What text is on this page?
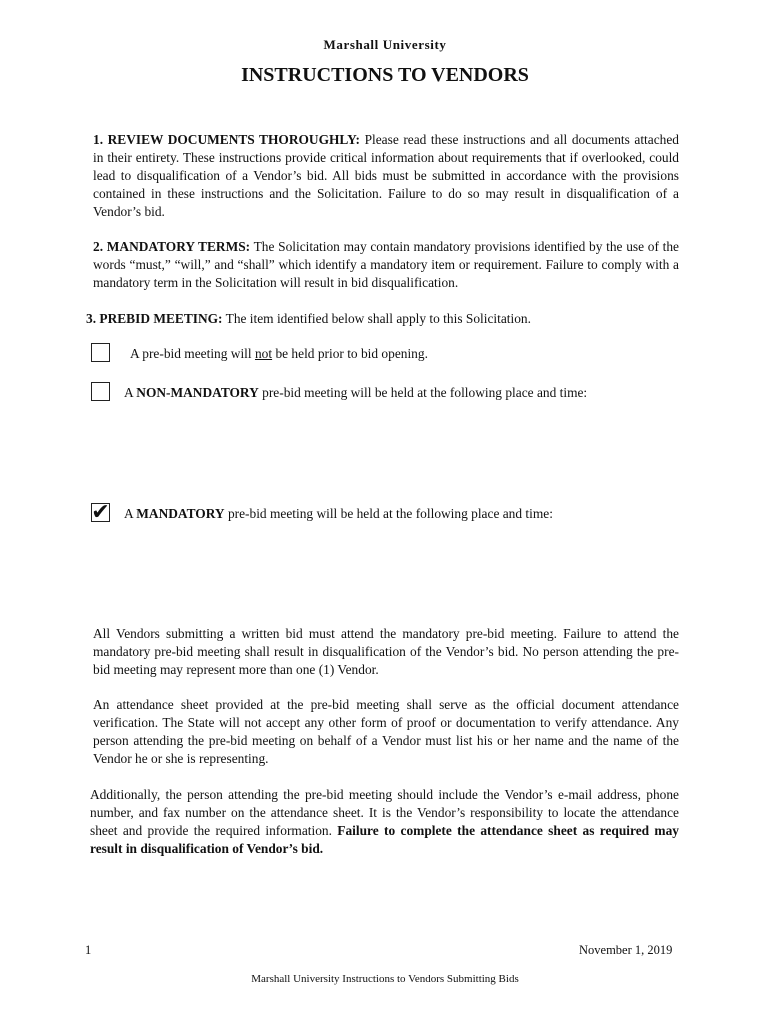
Marshall University
INSTRUCTIONS TO VENDORS
1. REVIEW DOCUMENTS THOROUGHLY: Please read these instructions and all documents attached in their entirety. These instructions provide critical information about requirements that if overlooked, could lead to disqualification of a Vendor’s bid. All bids must be submitted in accordance with the provisions contained in these instructions and the Solicitation. Failure to do so may result in disqualification of a Vendor’s bid.
2. MANDATORY TERMS: The Solicitation may contain mandatory provisions identified by the use of the words “must,” “will,” and “shall” which identify a mandatory item or requirement. Failure to comply with a mandatory term in the Solicitation will result in bid disqualification.
3. PREBID MEETING: The item identified below shall apply to this Solicitation.
A pre-bid meeting will not be held prior to bid opening.
A NON-MANDATORY pre-bid meeting will be held at the following place and time:
✔ A MANDATORY pre-bid meeting will be held at the following place and time:
All Vendors submitting a written bid must attend the mandatory pre-bid meeting. Failure to attend the mandatory pre-bid meeting shall result in disqualification of the Vendor’s bid. No person attending the pre-bid meeting may represent more than one (1) Vendor.
An attendance sheet provided at the pre-bid meeting shall serve as the official document attendance verification. The State will not accept any other form of proof or documentation to verify attendance. Any person attending the pre-bid meeting on behalf of a Vendor must list his or her name and the name of the Vendor he or she is representing.
Additionally, the person attending the pre-bid meeting should include the Vendor’s e-mail address, phone number, and fax number on the attendance sheet. It is the Vendor’s responsibility to locate the attendance sheet and provide the required information. Failure to complete the attendance sheet as required may result in disqualification of Vendor’s bid.
1	November 1, 2019
Marshall University Instructions to Vendors Submitting Bids
